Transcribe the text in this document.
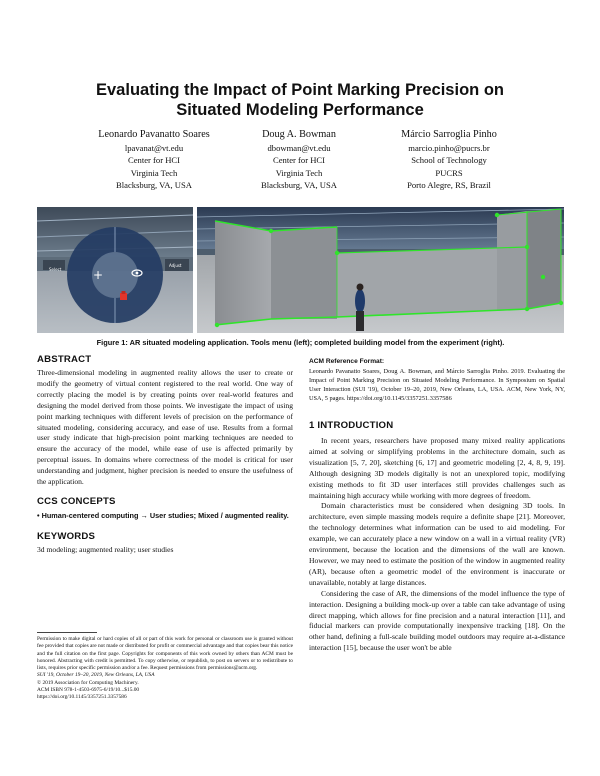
Evaluating the Impact of Point Marking Precision on
Situated Modeling Performance
Leonardo Pavanatto Soares
lpavanat@vt.edu
Center for HCI
Virginia Tech
Blacksburg, VA, USA
Doug A. Bowman
dbowman@vt.edu
Center for HCI
Virginia Tech
Blacksburg, VA, USA
Márcio Sarroglia Pinho
marcio.pinho@pucrs.br
School of Technology
PUCRS
Porto Alegre, RS, Brazil
+
Select
Adjust
Figure 1: AR situated modeling application. Tools menu (left); completed building model from the experiment (right).
ABSTRACT

Three-dimensional modeling in augmented reality allows the user to create or modify the geometry of virtual content registered to the real world. One way of correctly placing the model is by creating points over real-world features and designing the model derived from those points. We investigate the impact of using point marking techniques with different levels of precision on the performance of situated modeling, considering accuracy, and ease of use. Results from a formal user study indicate that high-precision point marking techniques are needed to ensure the accuracy of the model, while ease of use is affected primarily by perceptual issues. In domains where correctness of the model is critical for user understanding and judgment, higher precision is needed to ensure the usefulness of the application.

CCS CONCEPTS

• Human-centered computing → User studies; Mixed / augmented reality.

KEYWORDS

3d modeling; augmented reality; user studies

Permission to make digital or hard copies of all or part of this work for personal or classroom use is granted without fee provided that copies are not made or distributed for profit or commercial advantage and that copies bear this notice and the full citation on the first page. Copyrights for components of this work owned by others than ACM must be honored. Abstracting with credit is permitted. To copy otherwise, or republish, to post on servers or to redistribute to lists, requires prior specific permission and/or a fee. Request permissions from permissions@acm.org.

SUI '19, October 19–20, 2019, New Orleans, LA, USA

© 2019 Association for Computing Machinery.

ACM ISBN 978-1-4503-6975-6/19/10...$15.00

https://doi.org/10.1145/3357251.3357586

ACM Reference Format:

Leonardo Pavanatto Soares, Doug A. Bowman, and Márcio Sarroglia Pinho. 2019. Evaluating the Impact of Point Marking Precision on Situated Modeling Performance. In Symposium on Spatial User Interaction (SUI '19), October 19–20, 2019, New Orleans, LA, USA. ACM, New York, NY, USA, 5 pages. https://doi.org/10.1145/3357251.3357586

1 INTRODUCTION

In recent years, researchers have proposed many mixed reality applications aimed at solving or simplifying problems in the architecture domain, such as visualization [5, 7, 20], sketching [6, 17] and geometric modeling [2, 4, 8, 9, 19]. Although designing 3D models digitally is not an unexplored topic, modifying existing methods to fit 3D user interfaces still provides challenges such as maintaining high accuracy while working with more degrees of freedom.

Domain characteristics must be considered when designing 3D tools. In architecture, even simple massing models require a definite shape [21]. Moreover, the technology determines what information can be used to aid modeling. For example, we can accurately place a new window on a wall in a virtual reality (VR) environment, because the location and the dimensions of the wall are known. However, we may need to estimate the position of the window in augmented reality (AR), because often a geometric model of the environment is inaccurate or unavailable, notably at large distances.

Considering the case of AR, the dimensions of the model influence the type of interaction. Designing a building mock-up over a table can take advantage of using direct mapping, which allows for fine precision and a natural interaction [11], and fiducial markers can provide computationally inexpensive tracking [18]. On the other hand, defining a full-scale building model outdoors may require at-a-distance interaction [15], because the user won't be able
